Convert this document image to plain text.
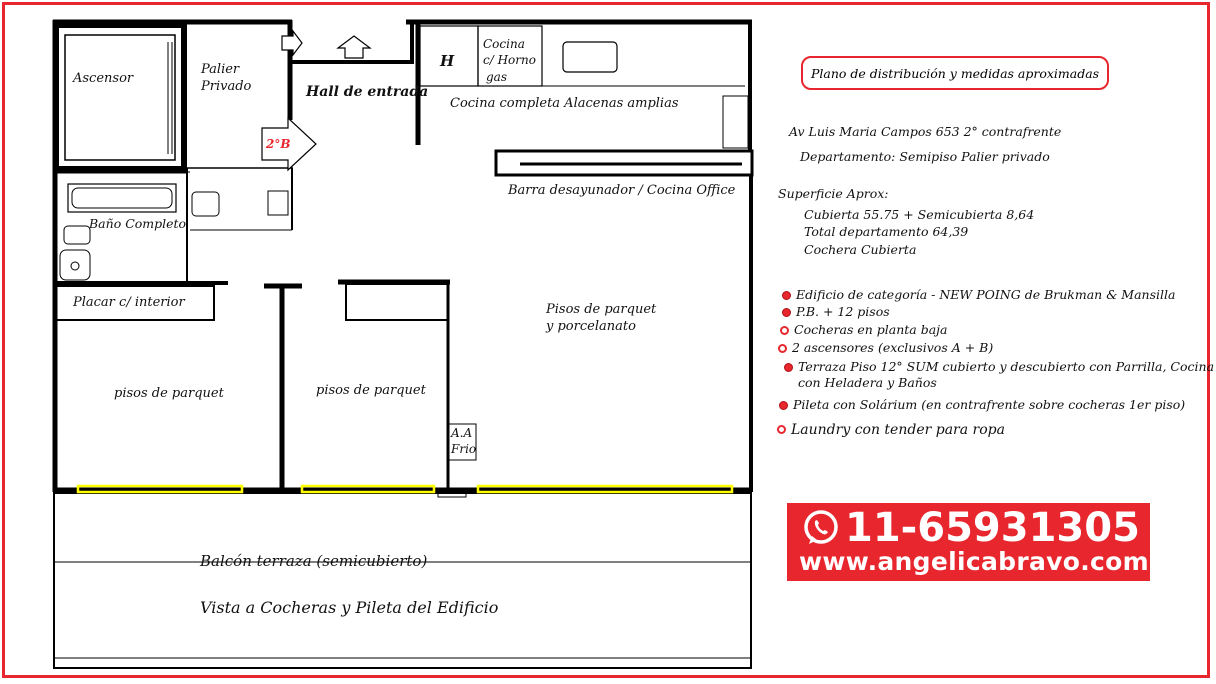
Ascensor
Palier
Privado	Hall de entrada
H
Cocina
c/ Horno
gas
Cocina completa Alacenas amplias
2°B
Barra desayunador / Cocina Office
Baño Completo
Placar c/ interior	Pisos de parquet
y porcelanato
pisos de parquet	pisos de parquet
A.A
Frio
Balcón terraza (semicubierto)
Vista a Cocheras y Pileta del Edificio
Plano de distribución y medidas aproximadas
Av Luis Maria Campos 653 2° contrafrente
Departamento: Semipiso Palier privado
Superficie Aprox:
Cubierta 55.75 + Semicubierta 8,64
Total departamento 64,39
Cochera Cubierta
Edificio de categoría - NEW POING de Brukman & Mansilla
P.B. + 12 pisos
Cocheras en planta baja
2 ascensores (exclusivos A + B)
Terraza Piso 12° SUM cubierto y descubierto con Parrilla, Cocina
con Heladera y Baños
Pileta con Solárium (en contrafrente sobre cocheras 1er piso)
Laundry con tender para ropa
11-65931305
www.angelicabravo.com
